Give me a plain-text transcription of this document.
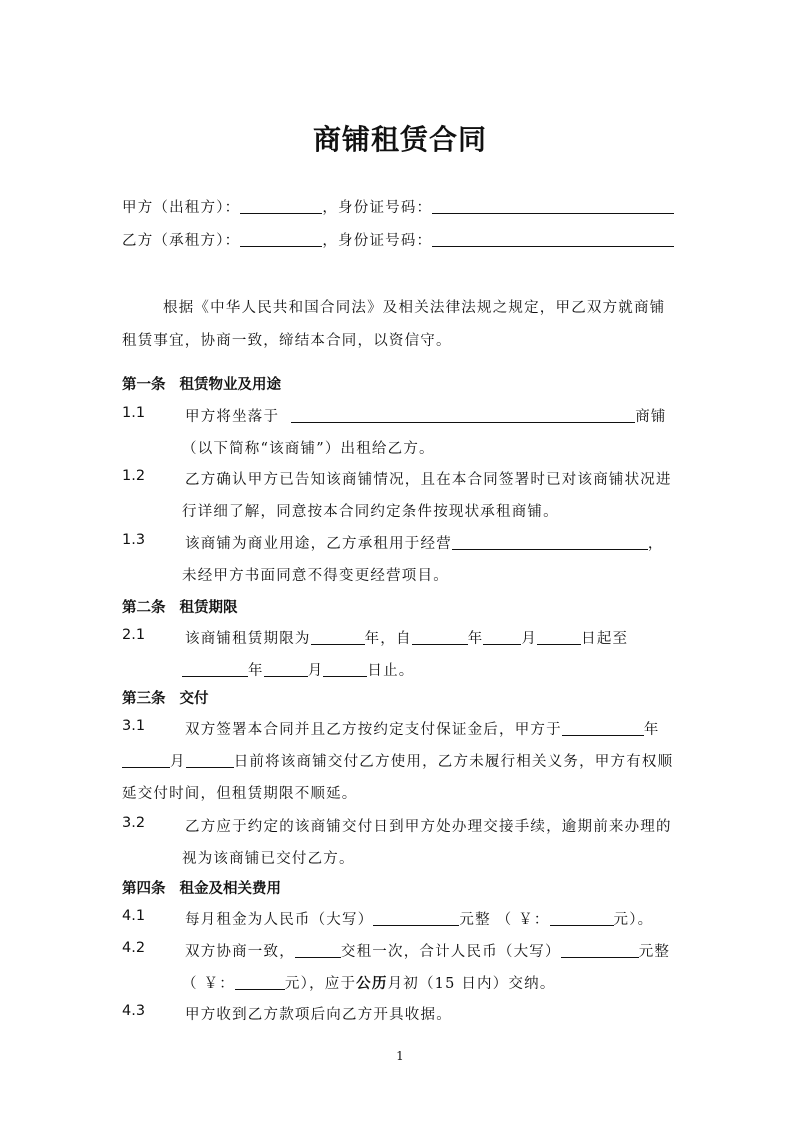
商铺租赁合同
甲方（出租方）：	，身份证号码：
乙方（承租方）：	，身份证号码：
根据《中华人民共和国合同法》及相关法律法规之规定，甲乙双方就商铺
租赁事宜，协商一致，缔结本合同，以资信守。
第一条 租赁物业及用途
1.1	甲方将坐落于	商铺
（以下简称“该商铺”）出租给乙方。
1.2	乙方确认甲方已告知该商铺情况，且在本合同签署时已对该商铺状况进
行详细了解，同意按本合同约定条件按现状承租商铺。
1.3	该商铺为商业用途，乙方承租用于经营	，
未经甲方书面同意不得变更经营项目。
第二条 租赁期限
2.1	该商铺租赁期限为	年，自	年	月	日起至
年	月	日止。
第三条 交付
3.1	双方签署本合同并且乙方按约定支付保证金后，甲方于	年
月	日前将该商铺交付乙方使用，乙方未履行相关义务，甲方有权顺
延交付时间，但租赁期限不顺延。
3.2	乙方应于约定的该商铺交付日到甲方处办理交接手续，逾期前来办理的
视为该商铺已交付乙方。
第四条 租金及相关费用
4.1	每月租金为人民币（大写）	元整 （ ￥：	元）。
4.2	双方协商一致，	交租一次，合计人民币（大写）	元整
（ ￥：	元），应于公历月初（15 日内）交纳。
4.3	甲方收到乙方款项后向乙方开具收据。
1
